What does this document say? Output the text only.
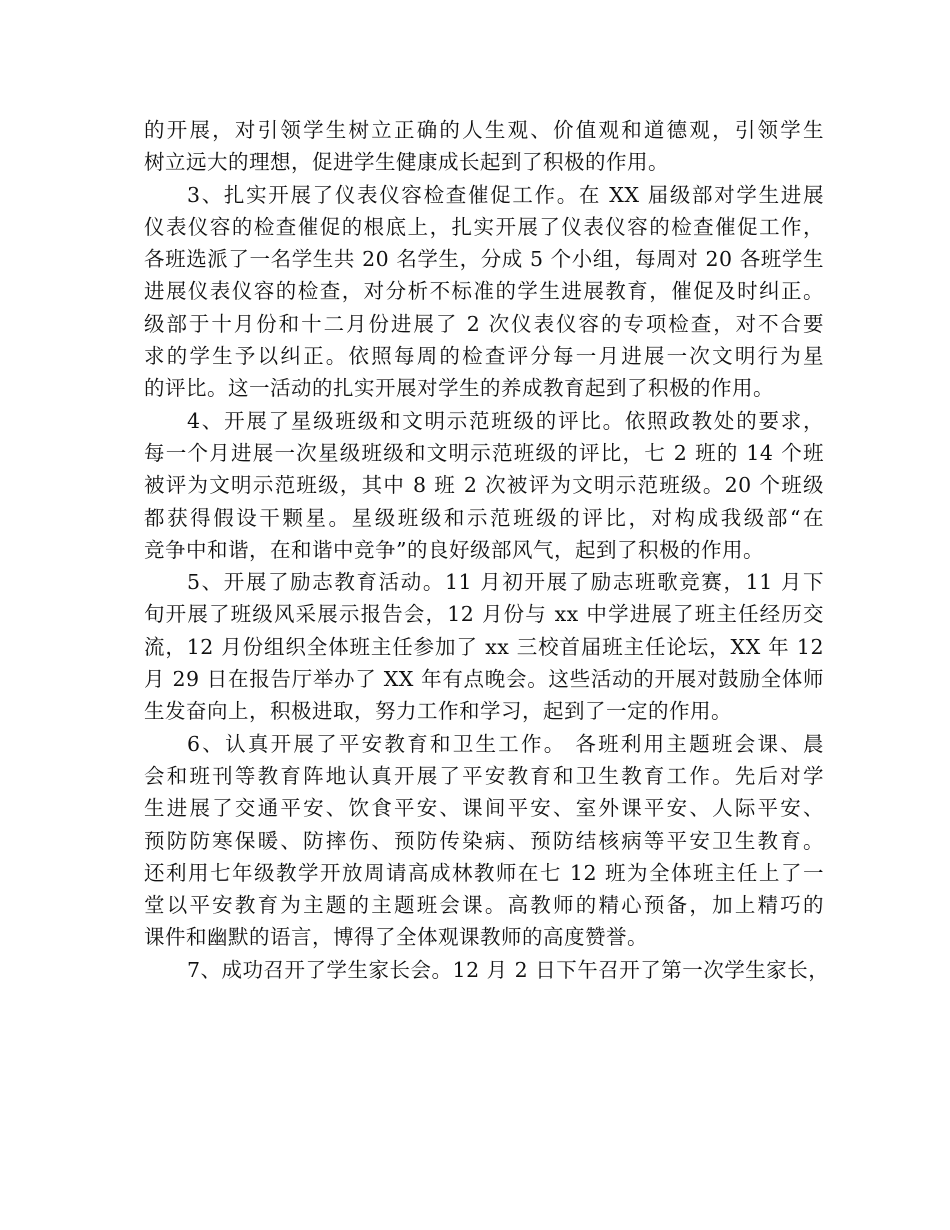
的开展，对引领学生树立正确的人生观、价值观和道德观，引领学生
树立远大的理想，促进学生健康成长起到了积极的作用。
3、扎实开展了仪表仪容检查催促工作。在 XX 届级部对学生进展
仪表仪容的检查催促的根底上，扎实开展了仪表仪容的检查催促工作，
各班选派了一名学生共 20 名学生，分成 5 个小组，每周对 20 各班学生
进展仪表仪容的检查，对分析不标准的学生进展教育，催促及时纠正。
级部于十月份和十二月份进展了 2 次仪表仪容的专项检查，对不合要
求的学生予以纠正。依照每周的检查评分每一月进展一次文明行为星
的评比。这一活动的扎实开展对学生的养成教育起到了积极的作用。
4、开展了星级班级和文明示范班级的评比。依照政教处的要求，
每一个月进展一次星级班级和文明示范班级的评比，七 2 班的 14 个班
被评为文明示范班级，其中 8 班 2 次被评为文明示范班级。20 个班级
都获得假设干颗星。星级班级和示范班级的评比，对构成我级部“在
竞争中和谐，在和谐中竞争”的良好级部风气，起到了积极的作用。
5、开展了励志教育活动。11 月初开展了励志班歌竞赛，11 月下
旬开展了班级风采展示报告会，12 月份与 xx 中学进展了班主任经历交
流，12 月份组织全体班主任参加了 xx 三校首届班主任论坛，XX 年 12
月 29 日在报告厅举办了 XX 年有点晚会。这些活动的开展对鼓励全体师
生发奋向上，积极进取，努力工作和学习，起到了一定的作用。
6、认真开展了平安教育和卫生工作。 各班利用主题班会课、晨
会和班刊等教育阵地认真开展了平安教育和卫生教育工作。先后对学
生进展了交通平安、饮食平安、课间平安、室外课平安、人际平安、
预防防寒保暖、防摔伤、预防传染病、预防结核病等平安卫生教育。
还利用七年级教学开放周请高成林教师在七 12 班为全体班主任上了一
堂以平安教育为主题的主题班会课。高教师的精心预备，加上精巧的
课件和幽默的语言，博得了全体观课教师的高度赞誉。
7、成功召开了学生家长会。12 月 2 日下午召开了第一次学生家长，
